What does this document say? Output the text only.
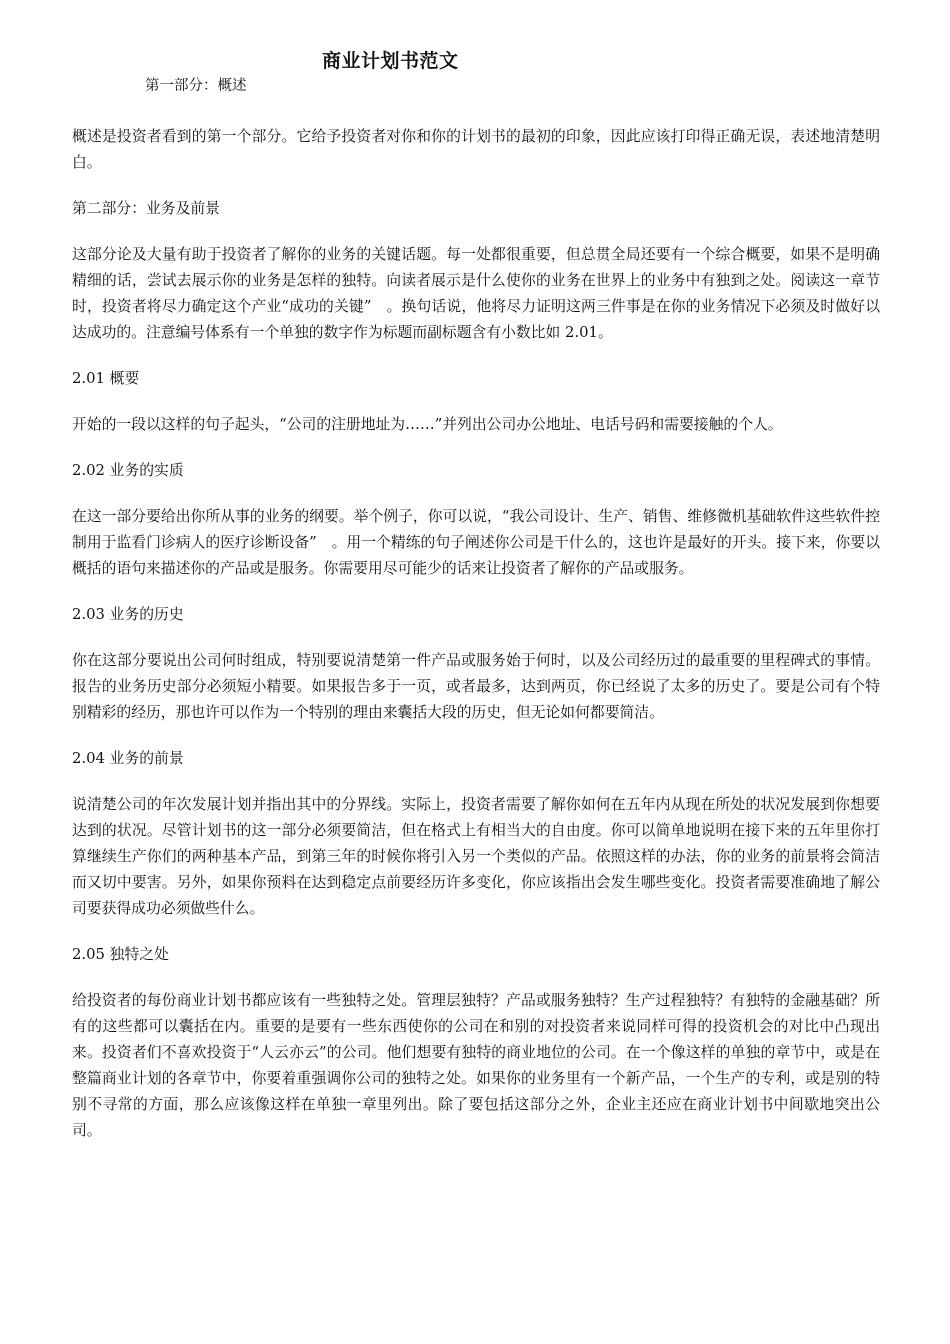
商业计划书范文
第一部分：概述

概述是投资者看到的第一个部分。它给予投资者对你和你的计划书的最初的印象，因此应该打印得正确无误，表述地清楚明白。

第二部分：业务及前景

这部分论及大量有助于投资者了解你的业务的关键话题。每一处都很重要，但总贯全局还要有一个综合概要，如果不是明确精细的话，尝试去展示你的业务是怎样的独特。向读者展示是什么使你的业务在世界上的业务中有独到之处。阅读这一章节时，投资者将尽力确定这个产业“成功的关键”　。换句话说，他将尽力证明这两三件事是在你的业务情况下必须及时做好以达成功的。注意编号体系有一个单独的数字作为标题而副标题含有小数比如 2.01。

2.01 概要

开始的一段以这样的句子起头，“公司的注册地址为……”并列出公司办公地址、电话号码和需要接触的个人。

2.02 业务的实质

在这一部分要给出你所从事的业务的纲要。举个例子，你可以说，“我公司设计、生产、销售、维修微机基础软件这些软件控制用于监看门诊病人的医疗诊断设备”　。用一个精练的句子阐述你公司是干什么的，这也许是最好的开头。接下来，你要以概括的语句来描述你的产品或是服务。你需要用尽可能少的话来让投资者了解你的产品或服务。

2.03 业务的历史

你在这部分要说出公司何时组成，特别要说清楚第一件产品或服务始于何时，以及公司经历过的最重要的里程碑式的事情。报告的业务历史部分必须短小精要。如果报告多于一页，或者最多，达到两页，你已经说了太多的历史了。要是公司有个特别精彩的经历，那也许可以作为一个特别的理由来囊括大段的历史，但无论如何都要简洁。

2.04 业务的前景

说清楚公司的年次发展计划并指出其中的分界线。实际上，投资者需要了解你如何在五年内从现在所处的状况发展到你想要达到的状况。尽管计划书的这一部分必须要简洁，但在格式上有相当大的自由度。你可以简单地说明在接下来的五年里你打算继续生产你们的两种基本产品，到第三年的时候你将引入另一个类似的产品。依照这样的办法，你的业务的前景将会简洁而又切中要害。另外，如果你预料在达到稳定点前要经历许多变化，你应该指出会发生哪些变化。投资者需要准确地了解公司要获得成功必须做些什么。

2.05 独特之处

给投资者的每份商业计划书都应该有一些独特之处。管理层独特？产品或服务独特？生产过程独特？有独特的金融基础？所有的这些都可以囊括在内。重要的是要有一些东西使你的公司在和别的对投资者来说同样可得的投资机会的对比中凸现出来。投资者们不喜欢投资于“人云亦云”的公司。他们想要有独特的商业地位的公司。在一个像这样的单独的章节中，或是在整篇商业计划的各章节中，你要着重强调你公司的独特之处。如果你的业务里有一个新产品，一个生产的专利，或是别的特别不寻常的方面，那么应该像这样在单独一章里列出。除了要包括这部分之外，企业主还应在商业计划书中间歇地突出公司。
